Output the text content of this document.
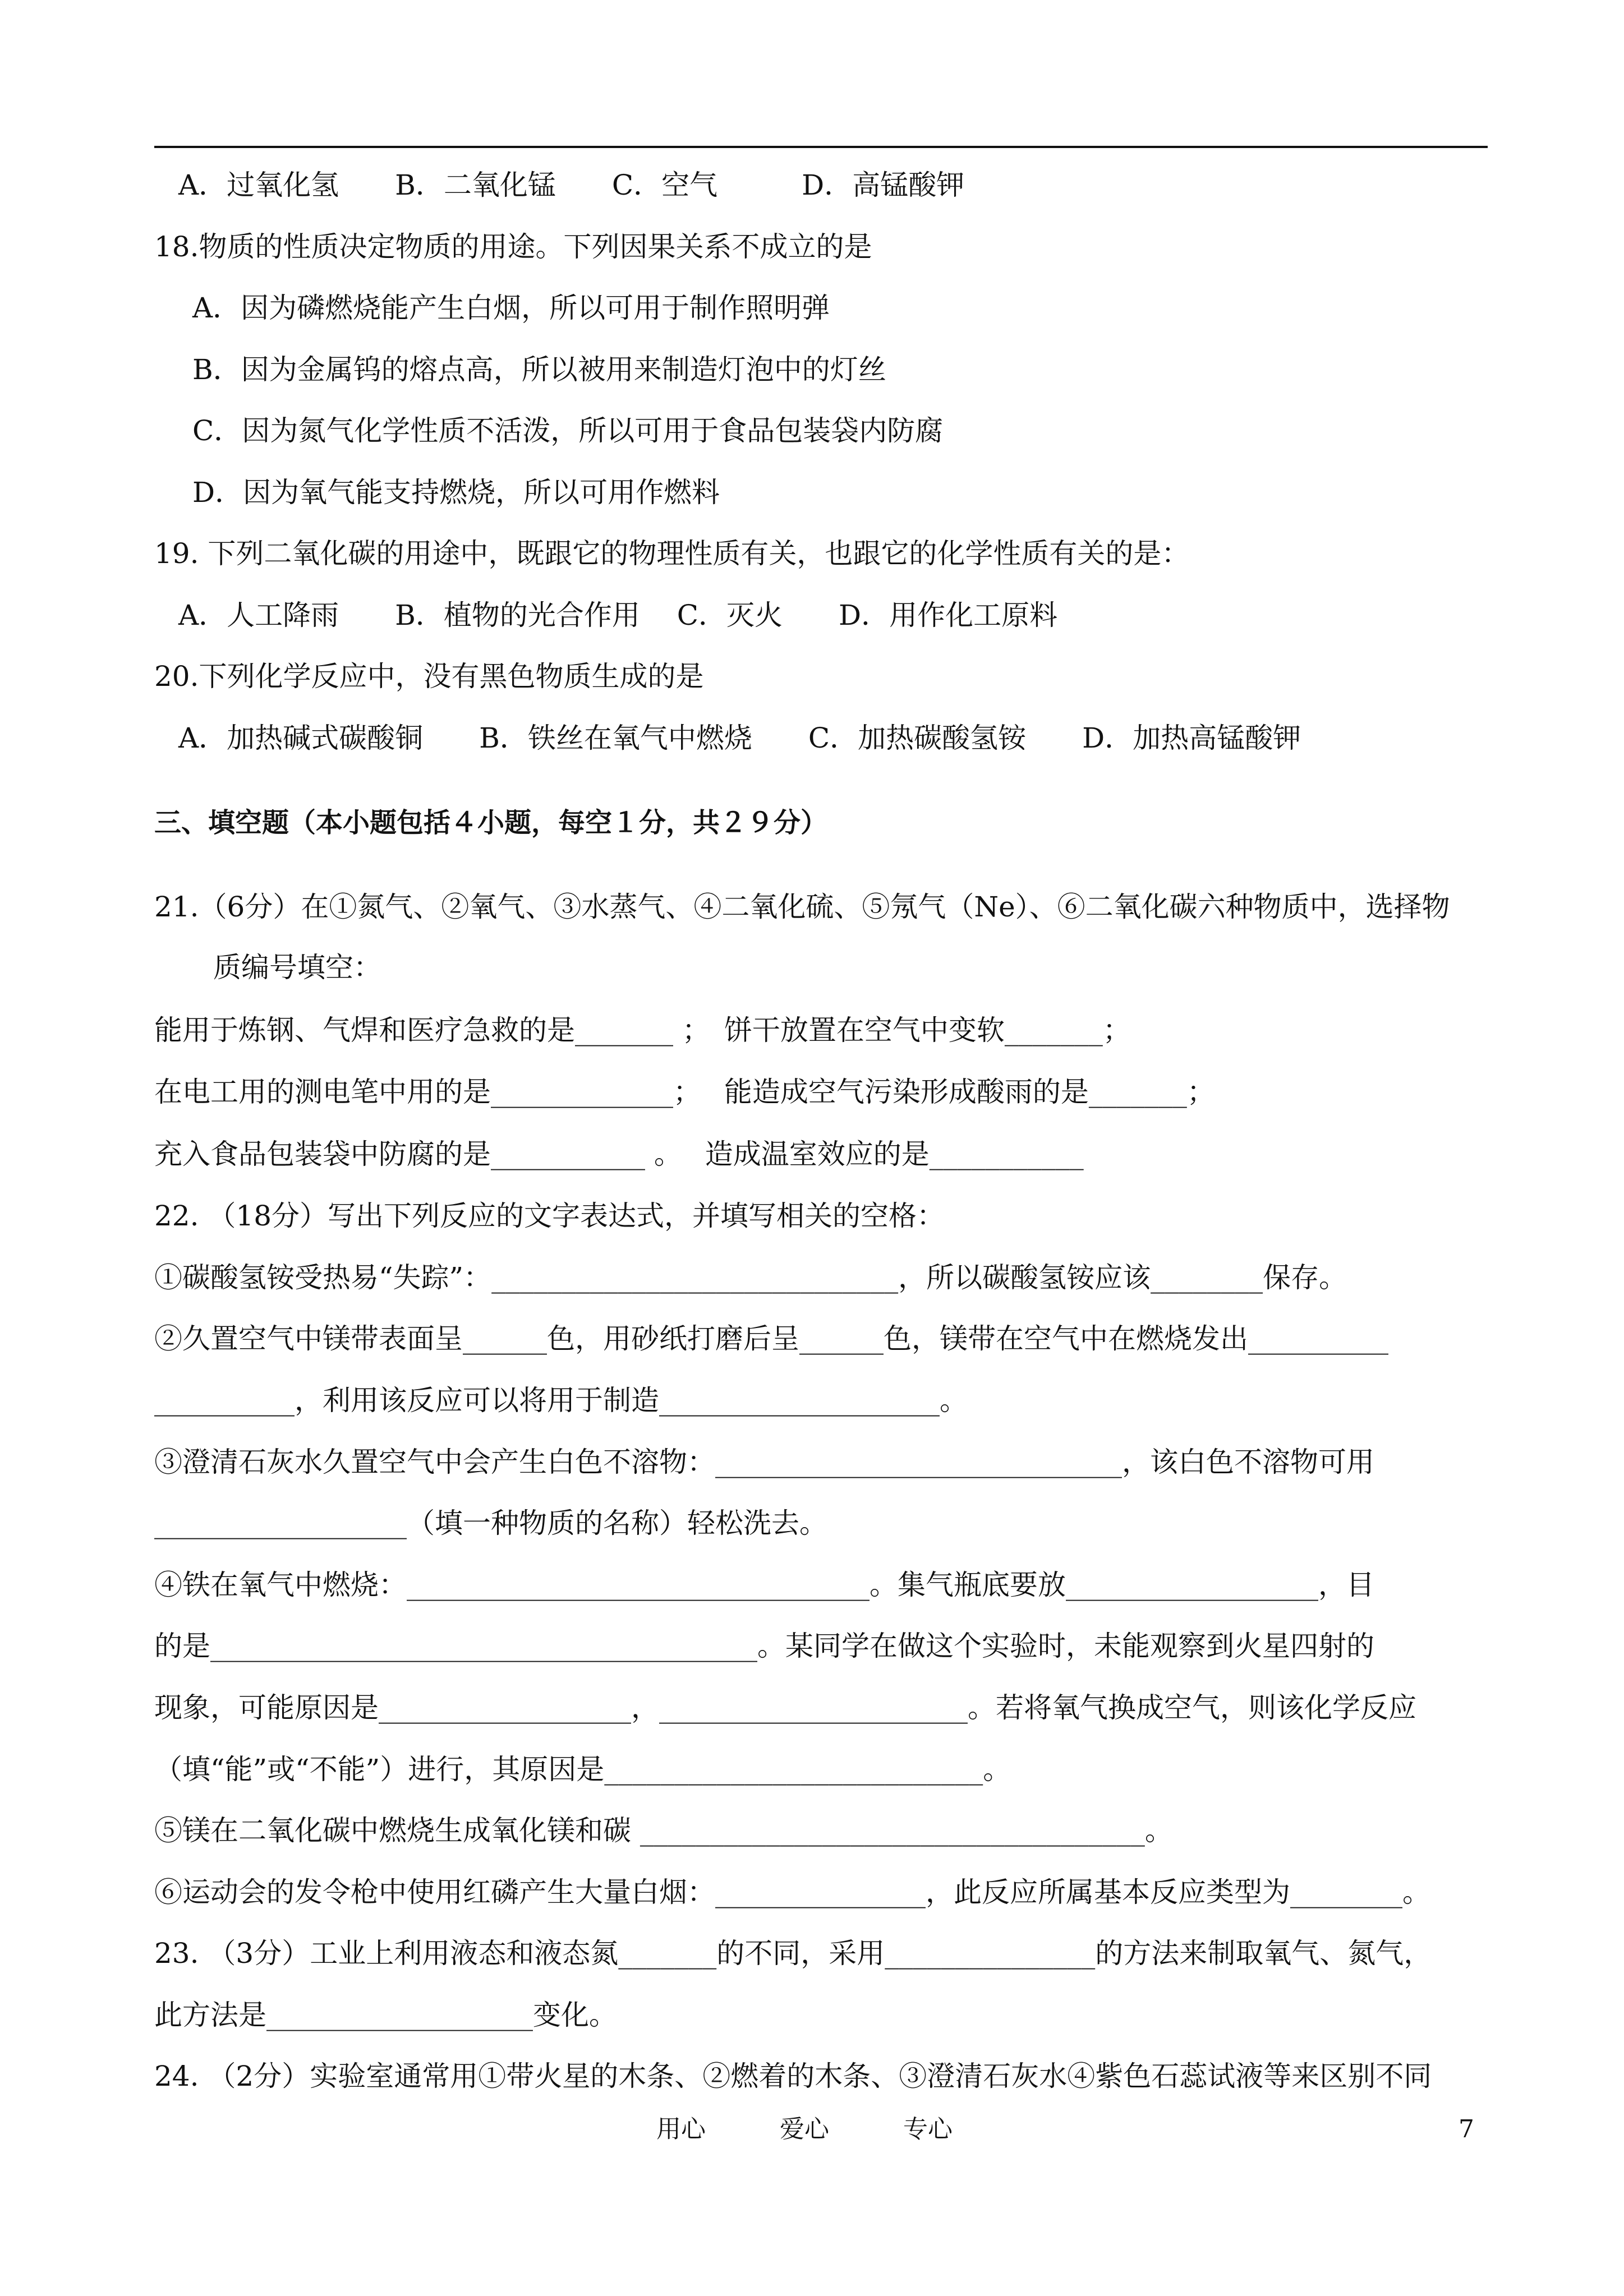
A．过氧化氢　　B．二氧化锰　　C．空气　　　D．高锰酸钾
18.物质的性质决定物质的用途。下列因果关系不成立的是
A．因为磷燃烧能产生白烟，所以可用于制作照明弹
B．因为金属钨的熔点高，所以被用来制造灯泡中的灯丝
C．因为氮气化学性质不活泼，所以可用于食品包装袋内防腐
D．因为氧气能支持燃烧，所以可用作燃料
19. 下列二氧化碳的用途中，既跟它的物理性质有关，也跟它的化学性质有关的是：
A．人工降雨　　B．植物的光合作用　 C．灭火　　D．用作化工原料
20.下列化学反应中，没有黑色物质生成的是
A．加热碱式碳酸铜　　B．铁丝在氧气中燃烧　　C．加热碳酸氢铵　　D．加热高锰酸钾
三、填空题（本小题包括４小题，每空１分，共２９分）
21.（6分）在①氮气、②氧气、③水蒸气、④二氧化硫、⑤氖气（Ne）、⑥二氧化碳六种物质中，选择物
质编号填空：
能用于炼钢、气焊和医疗急救的是_______ ；　饼干放置在空气中变软_______；
在电工用的测电笔中用的是_____________；　 能造成空气污染形成酸雨的是_______；
充入食品包装袋中防腐的是___________ 。　 造成温室效应的是___________
22. （18分）写出下列反应的文字表达式，并填写相关的空格：
①碳酸氢铵受热易“失踪”：_____________________________，所以碳酸氢铵应该________保存。
②久置空气中镁带表面呈______色，用砂纸打磨后呈______色，镁带在空气中在燃烧发出__________
__________，利用该反应可以将用于制造____________________。
③澄清石灰水久置空气中会产生白色不溶物：_____________________________，该白色不溶物可用
__________________（填一种物质的名称）轻松洗去。
④铁在氧气中燃烧：_________________________________。集气瓶底要放__________________，目
的是_______________________________________。某同学在做这个实验时，未能观察到火星四射的
现象，可能原因是__________________，______________________。若将氧气换成空气，则该化学反应
（填“能”或“不能”）进行，其原因是___________________________。
⑤镁在二氧化碳中燃烧生成氧化镁和碳 ____________________________________。
⑥运动会的发令枪中使用红磷产生大量白烟：_______________，此反应所属基本反应类型为________。
23. （3分）工业上利用液态和液态氮_______的不同，采用_______________的方法来制取氧气、氮气，
此方法是___________________变化。
24. （2分）实验室通常用①带火星的木条、②燃着的木条、③澄清石灰水④紫色石蕊试液等来区别不同
用心　　　爱心　　　专心	7
